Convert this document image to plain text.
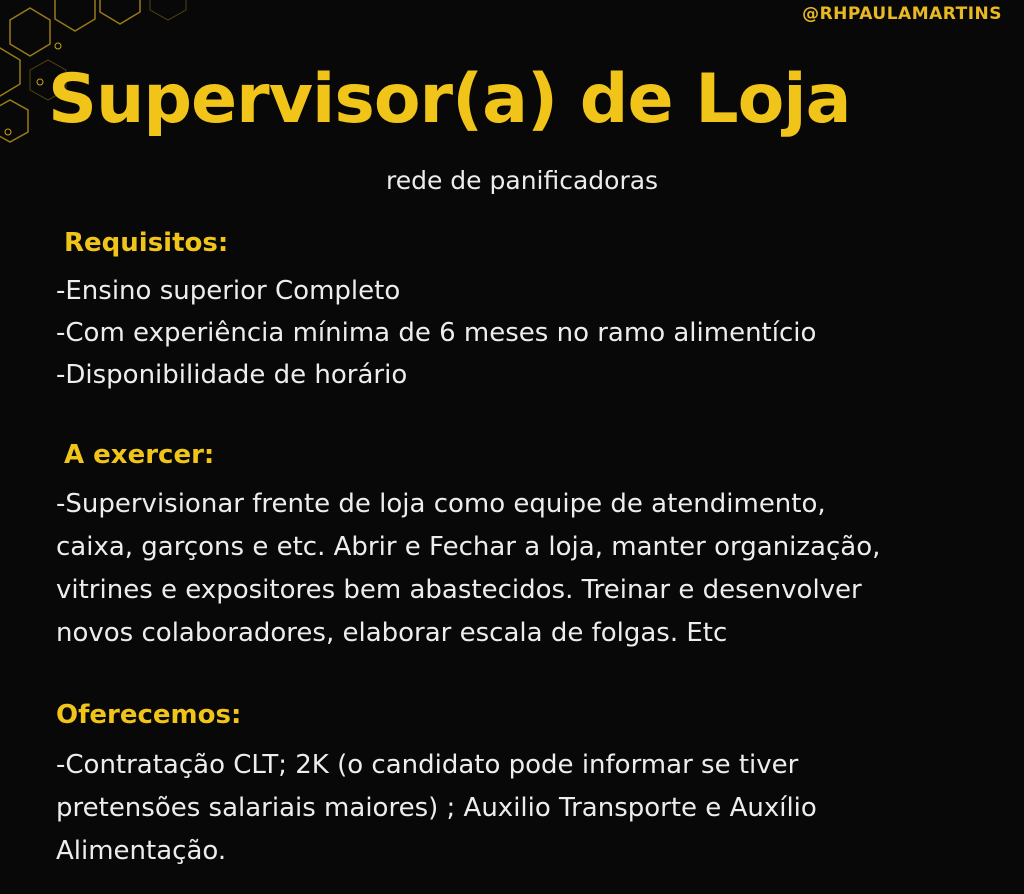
@RHPAULAMARTINS
Supervisor(a) de Loja
rede de panificadoras
Requisitos:
-Ensino superior Completo
-Com experiência mínima de 6 meses no ramo alimentício
-Disponibilidade de horário
A exercer:
-Supervisionar frente de loja como equipe de atendimento,
caixa, garçons e etc. Abrir e Fechar a loja, manter organização,
vitrines e expositores bem abastecidos. Treinar e desenvolver
novos colaboradores, elaborar escala de folgas. Etc
Oferecemos:
-Contratação CLT; 2K (o candidato pode informar se tiver
pretensões salariais maiores) ; Auxilio Transporte e Auxílio
Alimentação.
